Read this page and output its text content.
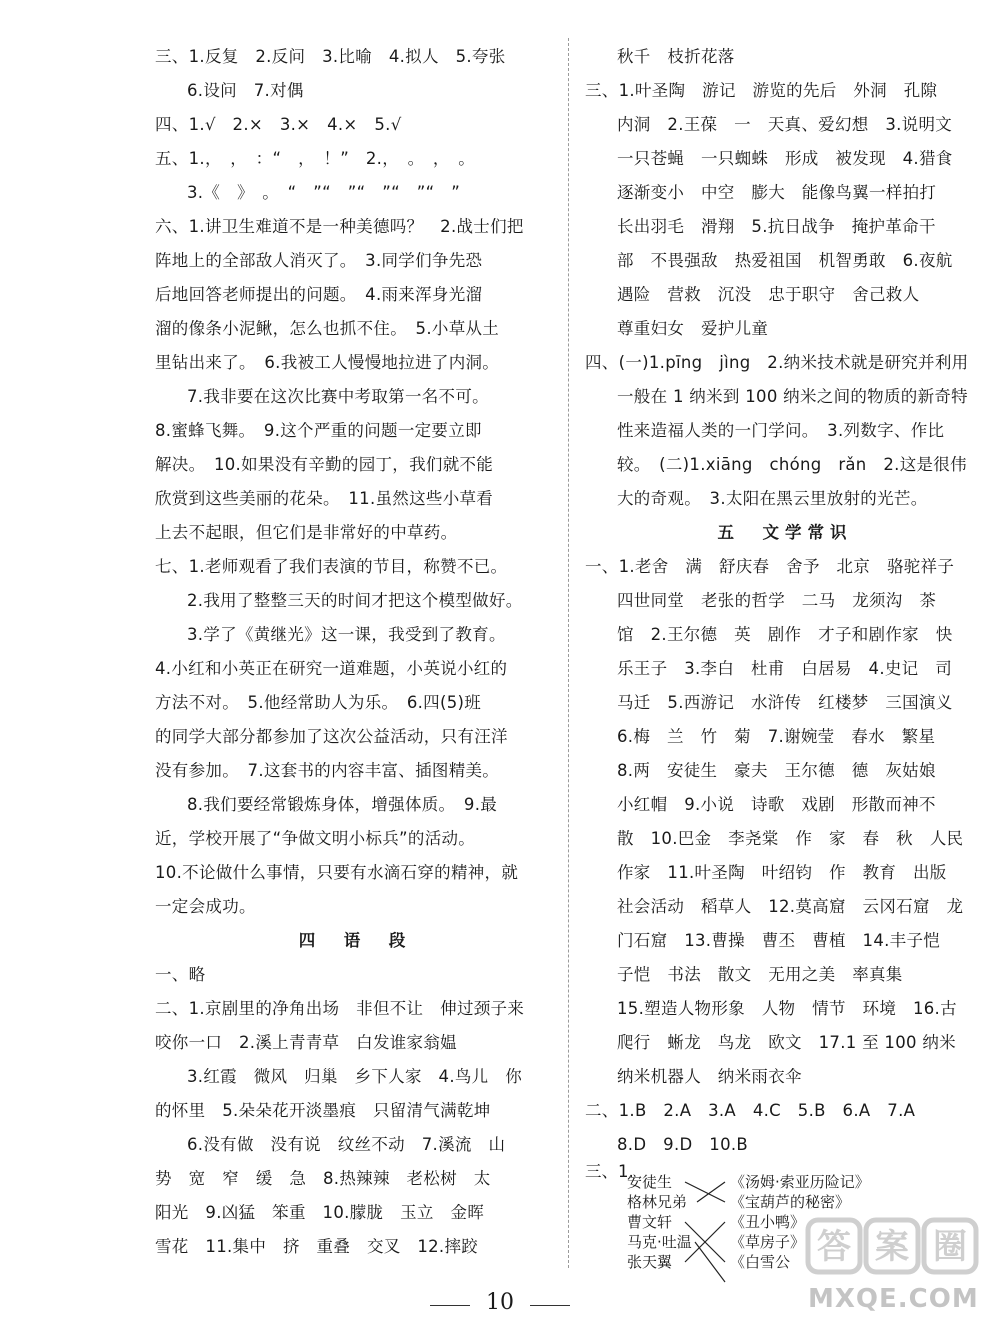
三、1.反复　2.反问　3.比喻　4.拟人　5.夸张
6.设问　7.对偶
四、1.√　2.×　3.×　4.×　5.√
五、1.，　，　：“　，　！”　2.，　。　，　。
3.《　》　。　“　”“　”“　”“　”“　”
六、1.讲卫生难道不是一种美德吗？　2.战士们把
阵地上的全部敌人消灭了。　3.同学们争先恐
后地回答老师提出的问题。　4.雨来浑身光溜
溜的像条小泥鳅，怎么也抓不住。　5.小草从土
里钻出来了。　6.我被工人慢慢地拉进了内洞。
7.我非要在这次比赛中考取第一名不可。
8.蜜蜂飞舞。　9.这个严重的问题一定要立即
解决。　10.如果没有辛勤的园丁，我们就不能
欣赏到这些美丽的花朵。　11.虽然这些小草看
上去不起眼，但它们是非常好的中草药。
七、1.老师观看了我们表演的节目，称赞不已。
2.我用了整整三天的时间才把这个模型做好。
3.学了《黄继光》这一课，我受到了教育。
4.小红和小英正在研究一道难题，小英说小红的
方法不对。　5.他经常助人为乐。　6.四(5)班
的同学大部分都参加了这次公益活动，只有汪洋
没有参加。　7.这套书的内容丰富、插图精美。
8.我们要经常锻炼身体，增强体质。　9.最
近，学校开展了“争做文明小标兵”的活动。
10.不论做什么事情，只要有水滴石穿的精神，就
一定会成功。
四　语　段
一、略
二、1.京剧里的净角出场　非但不让　伸过颈子来
咬你一口　2.溪上青青草　白发谁家翁媪
3.红霞　微风　归巢　乡下人家　4.鸟儿　你
的怀里　5.朵朵花开淡墨痕　只留清气满乾坤
6.没有做　没有说　纹丝不动　7.溪流　山
势　宽　窄　缓　急　8.热辣辣　老松树　太
阳光　9.凶猛　笨重　10.朦胧　玉立　金晖
雪花　11.集中　挤　重叠　交叉　12.摔跤
秋千　枝折花落
三、1.叶圣陶　游记　游览的先后　外洞　孔隙
内洞　2.王葆　一　天真、爱幻想　3.说明文
一只苍蝇　一只蜘蛛　形成　被发现　4.猎食
逐渐变小　中空　膨大　能像鸟翼一样拍打
长出羽毛　滑翔　5.抗日战争　掩护革命干
部　不畏强敌　热爱祖国　机智勇敢　6.夜航
遇险　营救　沉没　忠于职守　舍己救人
尊重妇女　爱护儿童
四、(一)1.pīng　jìng　2.纳米技术就是研究并利用
一般在 1 纳米到 100 纳米之间的物质的新奇特
性来造福人类的一门学问。　3.列数字、作比
较。　(二)1.xiāng　chóng　rǎn　2.这是很伟
大的奇观。　3.太阳在黑云里放射的光芒。
五　文学常识
一、1.老舍　满　舒庆春　舍予　北京　骆驼祥子
四世同堂　老张的哲学　二马　龙须沟　茶
馆　2.王尔德　英　剧作　才子和剧作家　快
乐王子　3.李白　杜甫　白居易　4.史记　司
马迁　5.西游记　水浒传　红楼梦　三国演义
6.梅　兰　竹　菊　7.谢婉莹　春水　繁星
8.两　安徒生　豪夫　王尔德　德　灰姑娘
小红帽　9.小说　诗歌　戏剧　形散而神不
散　10.巴金　李尧棠　作　家　春　秋　人民
作家　11.叶圣陶　叶绍钧　作　教育　出版
社会活动　稻草人　12.莫高窟　云冈石窟　龙
门石窟　13.曹操　曹丕　曹植　14.丰子恺
子恺　书法　散文　无用之美　率真集
15.塑造人物形象　人物　情节　环境　16.古
爬行　蜥龙　鸟龙　欧文　17.1 至 100 纳米
纳米机器人　纳米雨衣伞
二、1.B　2.A　3.A　4.C　5.B　6.A　7.A
8.D　9.D　10.B
三、1.
安徒生
格林兄弟
曹文轩
马克·吐温
张天翼
《汤姆·索亚历险记》
《宝葫芦的秘密》
《丑小鸭》
《草房子》
《白雪公
10
答 案 圈
MXQE.COM
